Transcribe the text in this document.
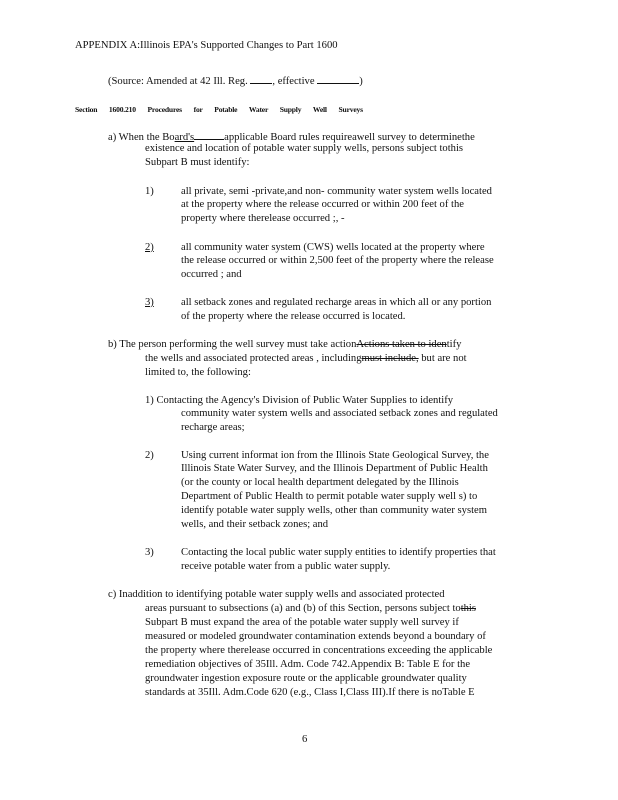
APPENDIX A:Illinois EPA's Supported Changes to Part 1600
(Source: Amended at 42 Ill. Reg. , effective	)
Section 1600.210 Procedures for Potable Water Supply Well Surveys
a) When the Board's	applicable Board rules requireawell survey to determinethe
existence and location of potable water supply wells, persons subject tothis
Subpart B must identify:
1)	all private, semi -private,and non- community water system wells located
at the property where the release occurred or within 200 feet of the
property where therelease occurred ;, -
2)	all community water system (CWS) wells located at the property where
the release occurred or within 2,500 feet of the property where the release
occurred ; and
3)	all setback zones and regulated recharge areas in which all or any portion
of the property where the release occurred is located.
b) The person performing the well survey must take actionActions taken to identify
the wells and associated protected areas , includingmust include, but are not
limited to, the following:
1) Contacting the Agency's Division of Public Water Supplies to identify
community water system wells and associated setback zones and regulated
recharge areas;
2)	Using current informat ion from the Illinois State Geological Survey, the
Illinois State Water Survey, and the Illinois Department of Public Health
(or the county or local health department delegated by the Illinois
Department of Public Health to permit potable water supply well s) to
identify potable water supply wells, other than community water system
wells, and their setback zones; and
3)	Contacting the local public water supply entities to identify properties that
receive potable water from a public water supply.
c) Inaddition to identifying potable water supply wells and associated protected
areas pursuant to subsections (a) and (b) of this Section, persons subject tothis
Subpart B must expand the area of the potable water supply well survey if
measured or modeled groundwater contamination extends beyond a boundary of
the property where therelease occurred in concentrations exceeding the applicable
remediation objectives of 35Ill. Adm. Code 742.Appendix B: Table E for the
groundwater ingestion exposure route or the applicable groundwater quality
standards at 35Ill. Adm.Code 620 (e.g., Class I,Class III).If there is noTable E
6
